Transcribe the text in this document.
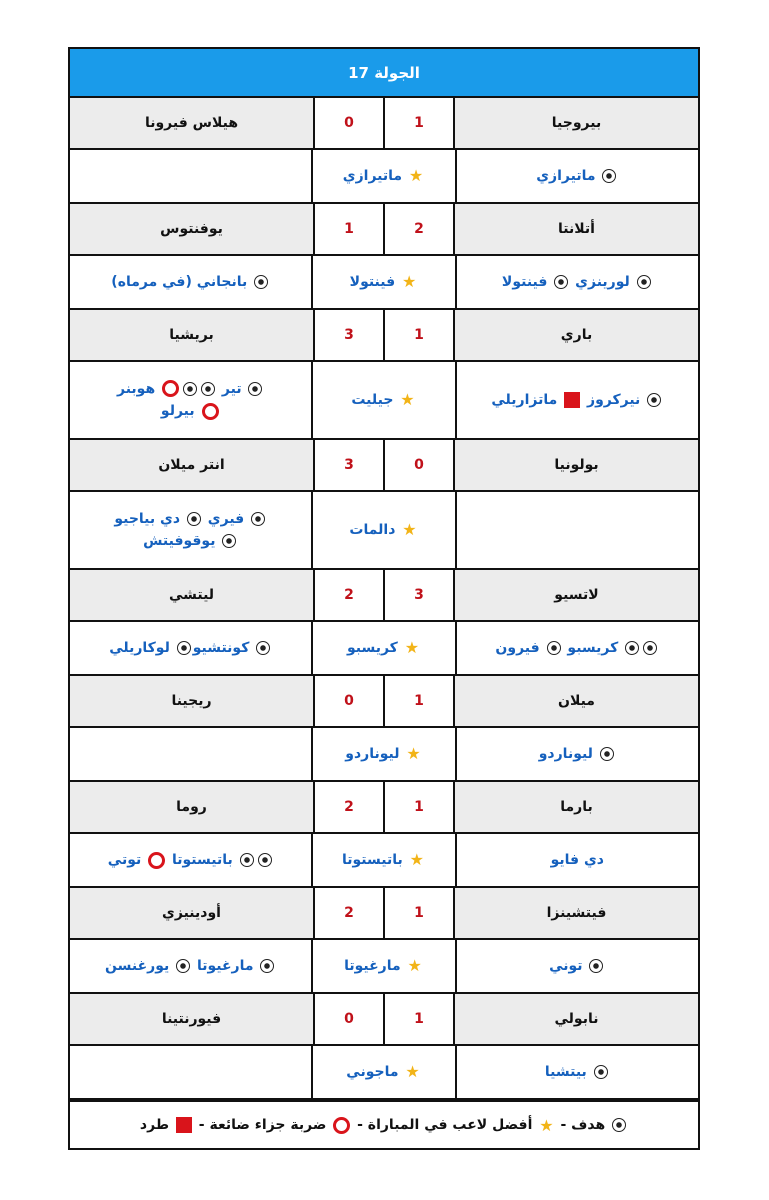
الجولة 17
بيروجيا
1
0
هيلاس فيرونا

ماتيرازي
★

ماتيرازي
أتلانتا
2
1
يوفنتوس

لورينزي

فينتولا
★

فينتولا

بانجاني (في مرماه)
باري
1
3
بريشيا

نيركروز

ماتزاريلي
★

جيليت
تير  هوبنر
بيرلو
بولونيا
0
3
انتر ميلان
★

دالمات
فيري  دي بياجيو
يوقوفيتش
لاتسيو
3
2
ليتشي

كريسبو

فيرون
★

كريسبو

كونتشيو

لوكاريلي
ميلان
1
0
ريجينا

ليوناردو
★

ليوناردو
بارما
1
2
روما
دي فايو
★

باتيستوتا

باتيستوتا

توتي
فيتشينزا
1
2
أودينيزي

توني
★

مارغيوتا

مارغيوتا

يورغنسن
نابولي
1
0
فيورنتينا

بيتشيا
★

ماجوني

هدف -

★

أفضل لاعب في المباراة -

ضربة جزاء ضائعة -

طرد
